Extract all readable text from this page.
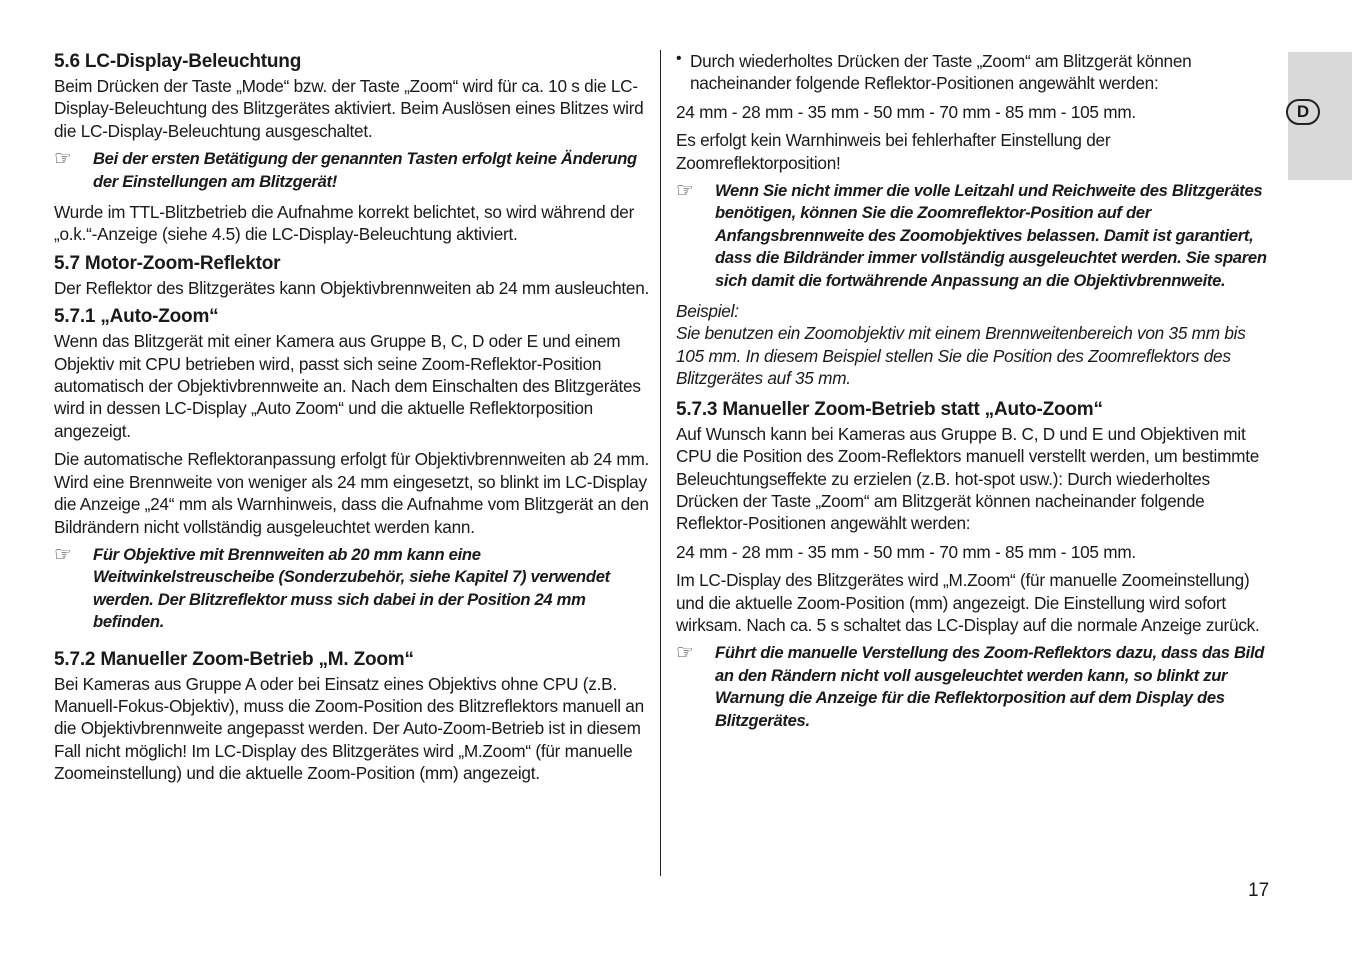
D
5.6 LC-Display-Beleuchtung

Beim Drücken der Taste „Mode“ bzw. der Taste „Zoom“ wird für ca. 10 s die LC-Display-Beleuchtung des Blitzgerätes aktiviert. Beim Auslösen eines Blitzes wird die LC-Display-Beleuchtung ausgeschaltet.

☞	Bei der ersten Betätigung der genannten Tasten erfolgt keine Änderung der Einstellungen am Blitzgerät!

Wurde im TTL-Blitzbetrieb die Aufnahme korrekt belichtet, so wird während der „o.k.“-Anzeige (siehe 4.5) die LC-Display-Beleuchtung aktiviert.

5.7 Motor-Zoom-Reflektor

Der Reflektor des Blitzgerätes kann Objektivbrennweiten ab 24 mm ausleuchten.

5.7.1 „Auto-Zoom“

Wenn das Blitzgerät mit einer Kamera aus Gruppe B, C, D oder E und einem Objektiv mit CPU betrieben wird, passt sich seine Zoom-Reflektor-Position automatisch der Objektivbrennweite an. Nach dem Einschalten des Blitzgerätes wird in dessen LC-Display „Auto Zoom“ und die aktuelle Reflektorposition angezeigt.

Die automatische Reflektoranpassung erfolgt für Objektivbrennweiten ab 24 mm. Wird eine Brennweite von weniger als 24 mm eingesetzt, so blinkt im LC-Display die Anzeige „24“ mm als Warnhinweis, dass die Aufnahme vom Blitzgerät an den Bildrändern nicht vollständig ausgeleuchtet werden kann.

☞	Für Objektive mit Brennweiten ab 20 mm kann eine Weitwinkelstreuscheibe (Sonderzubehör, siehe Kapitel 7) verwendet werden. Der Blitzreflektor muss sich dabei in der Position 24 mm befinden.
5.7.2 Manueller Zoom-Betrieb „M. Zoom“

Bei Kameras aus Gruppe A oder bei Einsatz eines Objektivs ohne CPU (z.B. Manuell-Fokus-Objektiv), muss die Zoom-Position des Blitzreflektors manuell an die Objektivbrennweite angepasst werden. Der Auto-Zoom-Betrieb ist in diesem Fall nicht möglich! Im LC-Display des Blitzgerätes wird „M.Zoom“ (für manuelle Zoomeinstellung) und die aktuelle Zoom-Position (mm) angezeigt.

• Durch wiederholtes Drücken der Taste „Zoom“ am Blitzgerät können nacheinander folgende Reflektor-Positionen angewählt werden:

24 mm - 28 mm - 35 mm - 50 mm - 70 mm - 85 mm - 105 mm.

Es erfolgt kein Warnhinweis bei fehlerhafter Einstellung der Zoomreflektorposition!

☞	Wenn Sie nicht immer die volle Leitzahl und Reichweite des Blitzgerätes benötigen, können Sie die Zoomreflektor-Position auf der Anfangsbrennweite des Zoomobjektives belassen. Damit ist garantiert, dass die Bildränder immer vollständig ausgeleuchtet werden. Sie sparen sich damit die fortwährende Anpassung an die Objektivbrennweite.

Beispiel:

Sie benutzen ein Zoomobjektiv mit einem Brennweitenbereich von 35 mm bis 105 mm. In diesem Beispiel stellen Sie die Position des Zoomreflektors des Blitzgerätes auf 35 mm.

5.7.3 Manueller Zoom-Betrieb statt „Auto-Zoom“

Auf Wunsch kann bei Kameras aus Gruppe B. C, D und E und Objektiven mit CPU die Position des Zoom-Reflektors manuell verstellt werden, um bestimmte Beleuchtungseffekte zu erzielen (z.B. hot-spot usw.): Durch wiederholtes Drücken der Taste „Zoom“ am Blitzgerät können nacheinander folgende Reflektor-Positionen angewählt werden:

24 mm - 28 mm - 35 mm - 50 mm - 70 mm - 85 mm - 105 mm.

Im LC-Display des Blitzgerätes wird „M.Zoom“ (für manuelle Zoomeinstellung) und die aktuelle Zoom-Position (mm) angezeigt. Die Einstellung wird sofort wirksam. Nach ca. 5 s schaltet das LC-Display auf die normale Anzeige zurück.

☞	Führt die manuelle Verstellung des Zoom-Reflektors dazu, dass das Bild an den Rändern nicht voll ausgeleuchtet werden kann, so blinkt zur Warnung die Anzeige für die Reflektorposition auf dem Display des Blitzgerätes.
17
